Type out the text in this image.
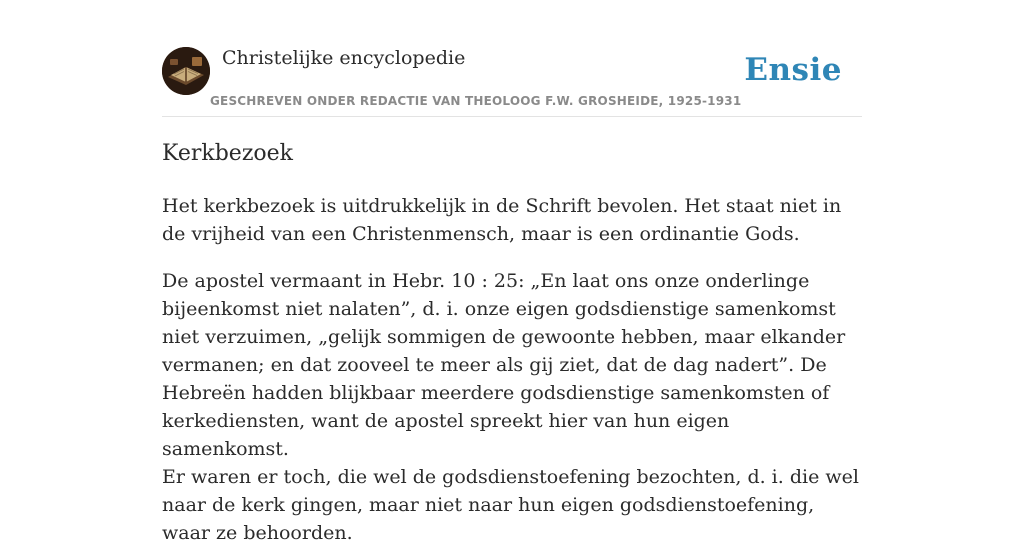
Christelijke encyclopedie
GESCHREVEN ONDER REDACTIE VAN THEOLOOG F.W. GROSHEIDE, 1925-1931
Ensie
Kerkbezoek

Het kerkbezoek is uitdrukkelijk in de Schrift bevolen. Het staat niet in de vrijheid van een Christenmensch, maar is een ordinantie Gods.

De apostel vermaant in Hebr. 10 : 25: „En laat ons onze onderlinge bijeenkomst niet nalaten”, d. i. onze eigen godsdienstige samenkomst niet verzuimen, „gelijk sommigen de gewoonte hebben, maar elkander vermanen; en dat zooveel te meer als gij ziet, dat de dag nadert”. De Hebreën hadden blijkbaar meerdere godsdienstige samenkomsten of kerkediensten, want de apostel spreekt hier van hun eigen samenkomst.

Er waren er toch, die wel de godsdienstoefening bezochten, d. i. die wel naar de kerk gingen, maar niet naar hun eigen godsdienstoefening, waar ze behoorden.
